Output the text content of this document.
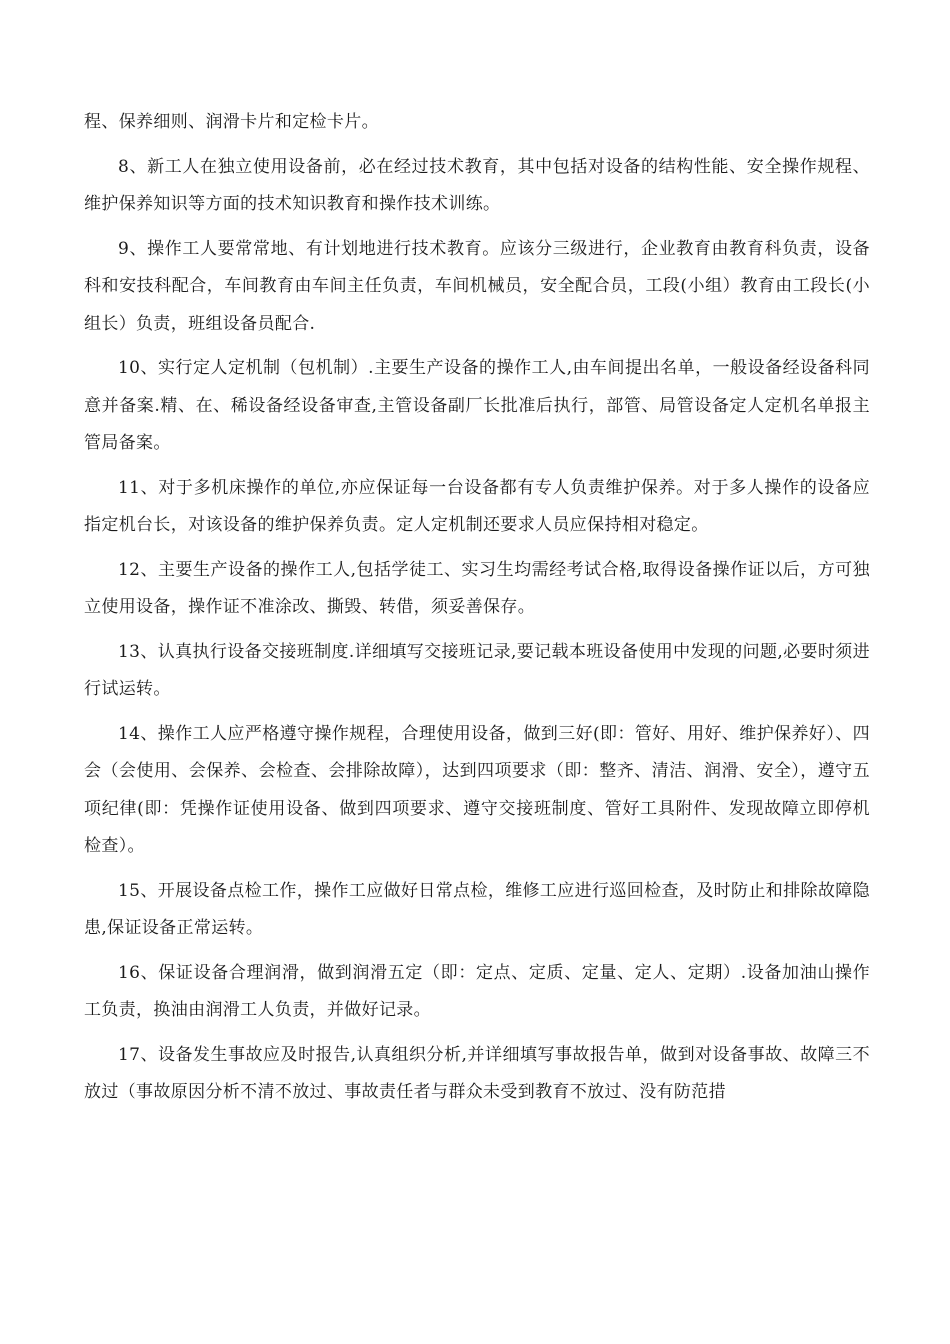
程、保养细则、润滑卡片和定检卡片。

8、新工人在独立使用设备前，必在经过技术教育，其中包括对设备的结构性能、安全操作规程、维护保养知识等方面的技术知识教育和操作技术训练。

9、操作工人要常常地、有计划地进行技术教育。应该分三级进行，企业教育由教育科负责，设备科和安技科配合，车间教育由车间主任负责，车间机械员，安全配合员，工段(小组）教育由工段长(小组长）负责，班组设备员配合.

10、实行定人定机制（包机制）.主要生产设备的操作工人,由车间提出名单，一般设备经设备科同意并备案.精、在、稀设备经设备审查,主管设备副厂长批准后执行，部管、局管设备定人定机名单报主管局备案。

11、对于多机床操作的单位,亦应保证每一台设备都有专人负责维护保养。对于多人操作的设备应指定机台长，对该设备的维护保养负责。定人定机制还要求人员应保持相对稳定。

12、主要生产设备的操作工人,包括学徒工、实习生均需经考试合格,取得设备操作证以后，方可独立使用设备，操作证不准涂改、撕毁、转借，须妥善保存。

13、认真执行设备交接班制度.详细填写交接班记录,要记载本班设备使用中发现的问题,必要时须进行试运转。

14、操作工人应严格遵守操作规程，合理使用设备，做到三好(即：管好、用好、维护保养好）、四会（会使用、会保养、会检查、会排除故障），达到四项要求（即：整齐、清洁、润滑、安全），遵守五项纪律(即：凭操作证使用设备、做到四项要求、遵守交接班制度、管好工具附件、发现故障立即停机检查）。

15、开展设备点检工作，操作工应做好日常点检，维修工应进行巡回检查，及时防止和排除故障隐患,保证设备正常运转。

16、保证设备合理润滑，做到润滑五定（即：定点、定质、定量、定人、定期）.设备加油山操作工负责，换油由润滑工人负责，并做好记录。

17、设备发生事故应及时报告,认真组织分析,并详细填写事故报告单，做到对设备事故、故障三不放过（事故原因分析不清不放过、事故责任者与群众未受到教育不放过、没有防范措
